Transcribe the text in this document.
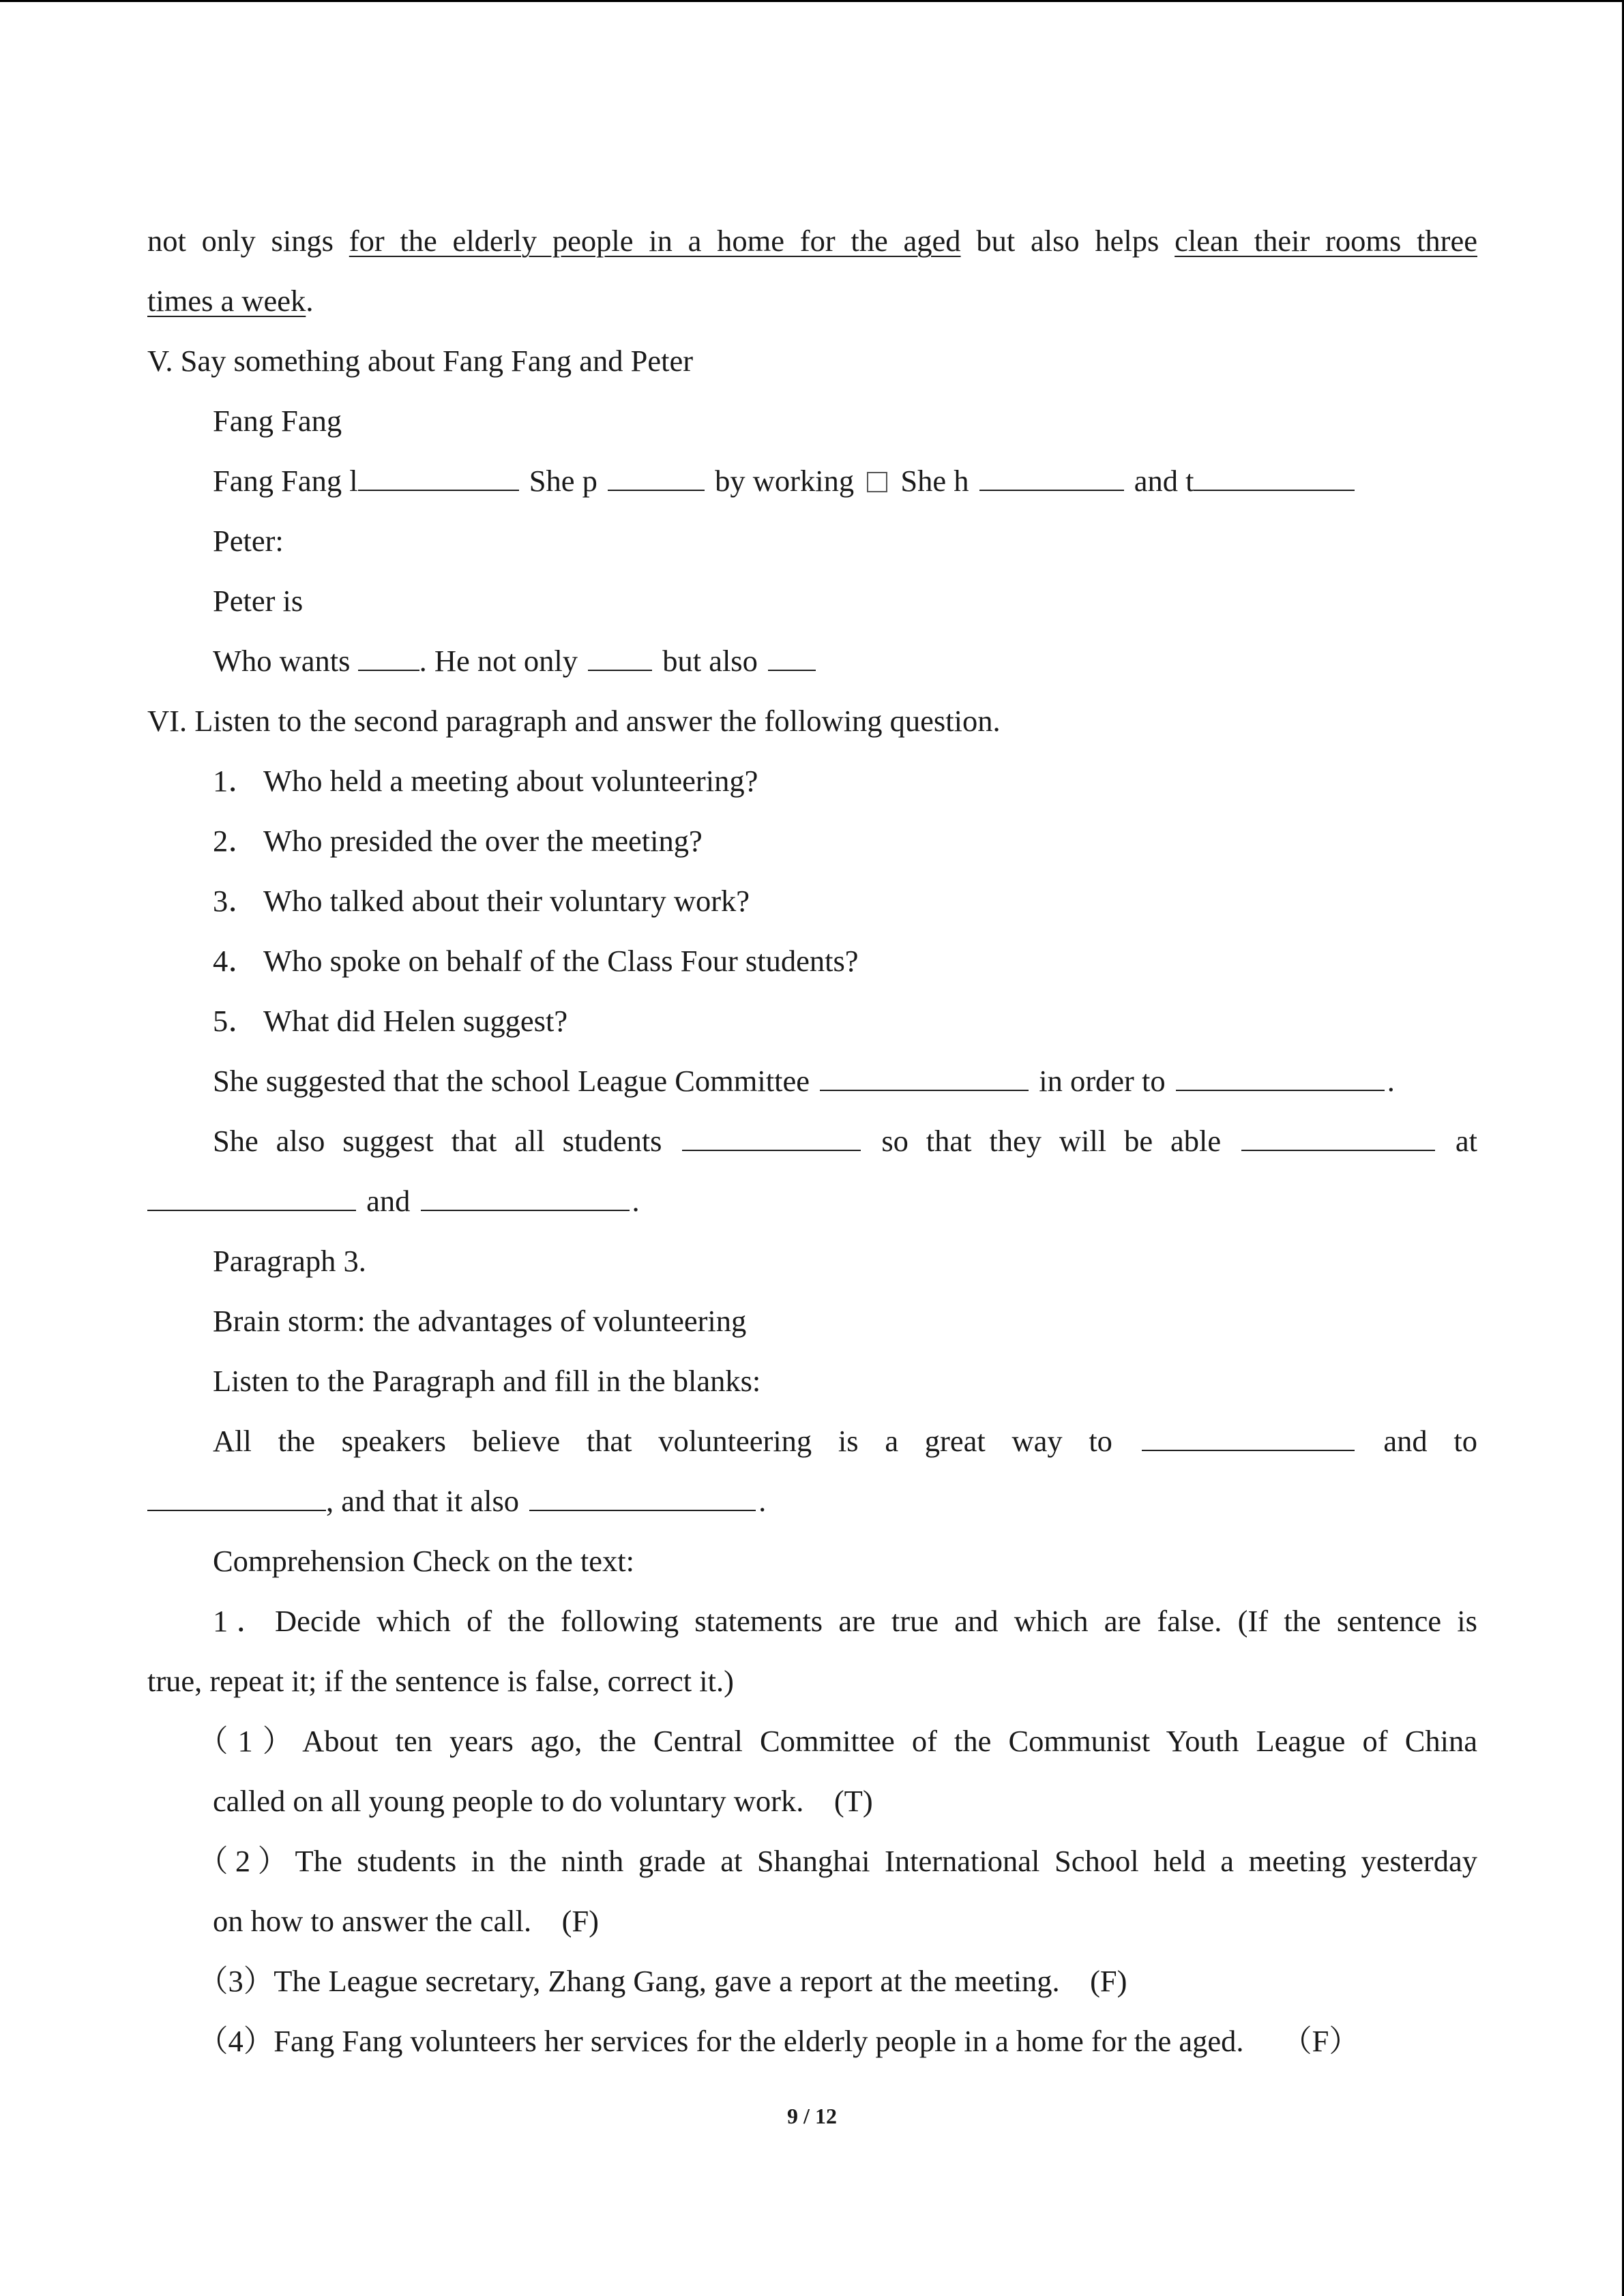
not only sings for the elderly people in a home for the aged but also helps clean their rooms three
times a week.
V. Say something about Fang Fang and Peter
Fang Fang
Fang Fang l	She p	by working  She h	and t
Peter:
Peter is
Who wants . He not only  but also
VI. Listen to the second paragraph and answer the following question.
1． Who held a meeting about volunteering?
2． Who presided the over the meeting?
3． Who talked about their voluntary work?
4． Who spoke on behalf of the Class Four students?
5． What did Helen suggest?
She suggested that the school League Committee	in order to	.
She also suggest that all students	so that they will be able	at
and	.
Paragraph 3.
Brain storm: the advantages of volunteering
Listen to the Paragraph and fill in the blanks:
All the speakers believe that volunteering is a great way to	and to
, and that it also	.
Comprehension Check on the text:
1．Decide which of the following statements are true and which are false. (If the sentence is
true, repeat it; if the sentence is false, correct it.)
（1）About ten years ago, the Central Committee of the Communist Youth League of China
called on all young people to do voluntary work.    (T)
（2）The students in the ninth grade at Shanghai International School held a meeting yesterday
on how to answer the call.    (F)
（3）The League secretary, Zhang Gang, gave a report at the meeting.    (F)
（4）Fang Fang volunteers her services for the elderly people in a home for the aged.     （F）
9 / 12
